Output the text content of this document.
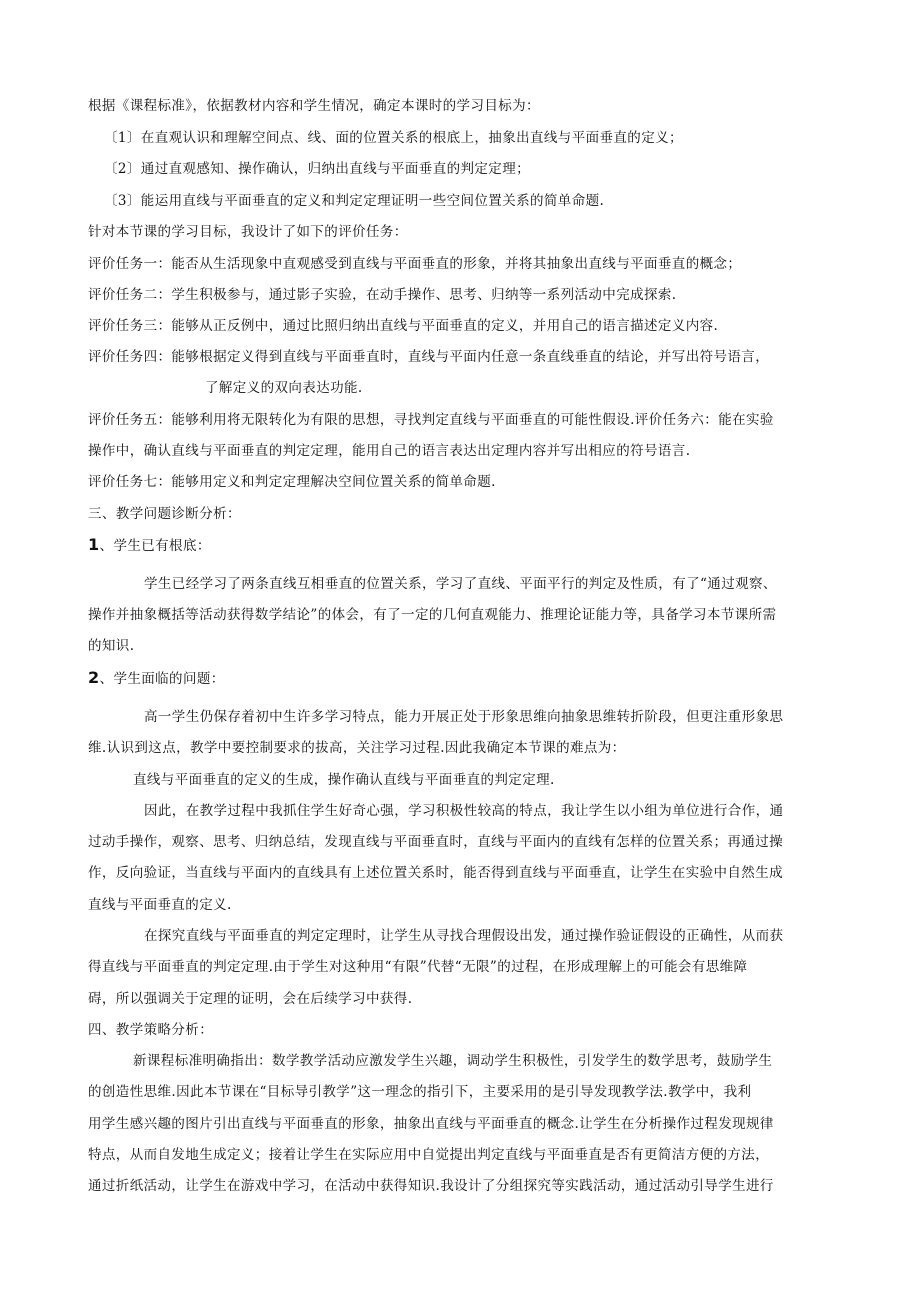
根据《课程标准》，依据教材内容和学生情况，确定本课时的学习目标为：
〔1〕在直观认识和理解空间点、线、面的位置关系的根底上，抽象出直线与平面垂直的定义；
〔2〕通过直观感知、操作确认，归纳出直线与平面垂直的判定定理；
〔3〕能运用直线与平面垂直的定义和判定定理证明一些空间位置关系的简单命题.
针对本节课的学习目标，我设计了如下的评价任务：
评价任务一：能否从生活现象中直观感受到直线与平面垂直的形象，并将其抽象出直线与平面垂直的概念；
评价任务二：学生积极参与，通过影子实验，在动手操作、思考、归纳等一系列活动中完成探索.
评价任务三：能够从正反例中，通过比照归纳出直线与平面垂直的定义，并用自己的语言描述定义内容.
评价任务四：能够根据定义得到直线与平面垂直时，直线与平面内任意一条直线垂直的结论，并写出符号语言，
了解定义的双向表达功能.
评价任务五：能够利用将无限转化为有限的思想，寻找判定直线与平面垂直的可能性假设.评价任务六：能在实验
操作中，确认直线与平面垂直的判定定理，能用自己的语言表达出定理内容并写出相应的符号语言.
评价任务七：能够用定义和判定定理解决空间位置关系的简单命题.
三、教学问题诊断分析：
1、学生已有根底：
学生已经学习了两条直线互相垂直的位置关系，学习了直线、平面平行的判定及性质，有了“通过观察、
操作并抽象概括等活动获得数学结论”的体会，有了一定的几何直观能力、推理论证能力等，具备学习本节课所需
的知识.
2、学生面临的问题：
高一学生仍保存着初中生许多学习特点，能力开展正处于形象思维向抽象思维转折阶段，但更注重形象思
维.认识到这点，教学中要控制要求的拔高，关注学习过程.因此我确定本节课的难点为：
直线与平面垂直的定义的生成，操作确认直线与平面垂直的判定定理.
因此，在教学过程中我抓住学生好奇心强，学习积极性较高的特点，我让学生以小组为单位进行合作，通
过动手操作，观察、思考、归纳总结，发现直线与平面垂直时，直线与平面内的直线有怎样的位置关系；再通过操
作，反向验证，当直线与平面内的直线具有上述位置关系时，能否得到直线与平面垂直，让学生在实验中自然生成
直线与平面垂直的定义.
在探究直线与平面垂直的判定定理时，让学生从寻找合理假设出发，通过操作验证假设的正确性，从而获
得直线与平面垂直的判定定理.由于学生对这种用“有限”代替“无限”的过程，在形成理解上的可能会有思维障
碍，所以强调关于定理的证明，会在后续学习中获得.
四、教学策略分析：
新课程标准明确指出：数学教学活动应激发学生兴趣，调动学生积极性，引发学生的数学思考，鼓励学生
的创造性思维.因此本节课在“目标导引教学”这一理念的指引下，主要采用的是引导发现教学法.教学中，我利
用学生感兴趣的图片引出直线与平面垂直的形象，抽象出直线与平面垂直的概念.让学生在分析操作过程发现规律
特点，从而自发地生成定义；接着让学生在实际应用中自觉提出判定直线与平面垂直是否有更简洁方便的方法，
通过折纸活动，让学生在游戏中学习，在活动中获得知识.我设计了分组探究等实践活动，通过活动引导学生进行
